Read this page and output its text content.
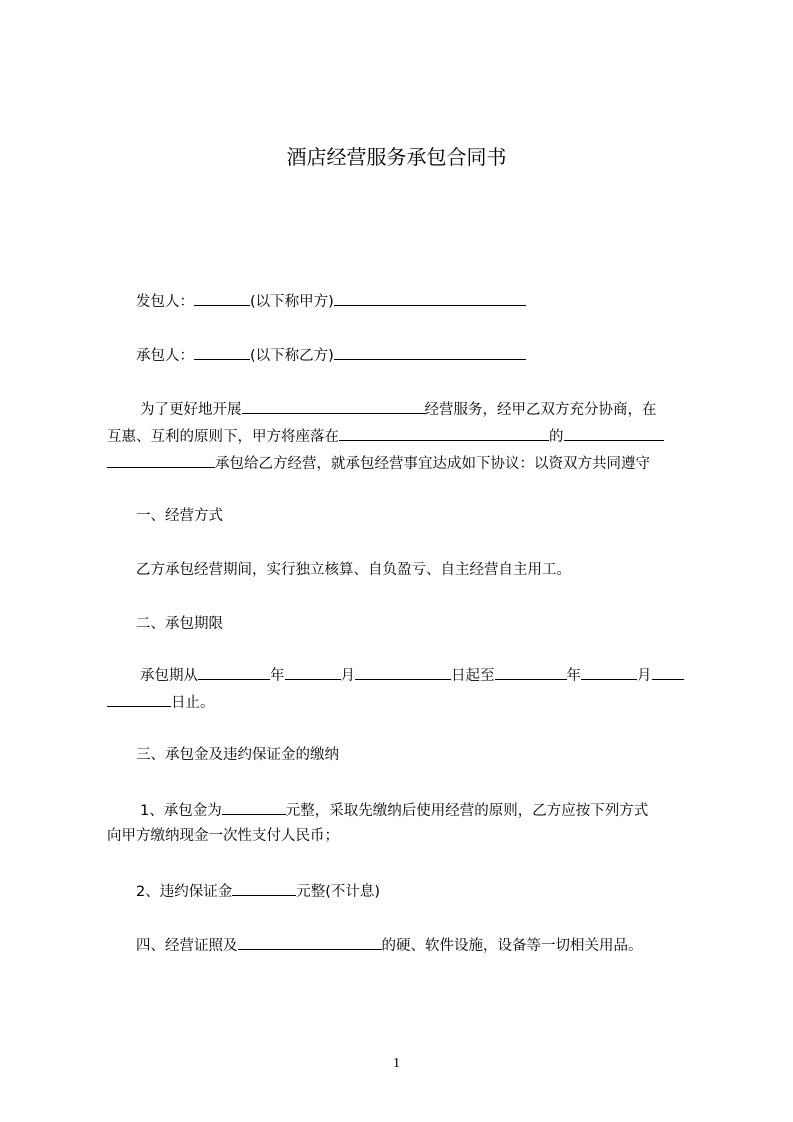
酒店经营服务承包合同书
发包人：	(以下称甲方)
承包人：	(以下称乙方)
为了更好地开展	经营服务，经甲乙双方充分协商，在
互惠、互利的原则下，甲方将座落在	的
承包给乙方经营，就承包经营事宜达成如下协议：以资双方共同遵守
一、经营方式
乙方承包经营期间，实行独立核算、自负盈亏、自主经营自主用工。
二、承包期限
承包期从	年	月	日起至	年	月
日止。
三、承包金及违约保证金的缴纳
1、承包金为	元整，采取先缴纳后使用经营的原则，乙方应按下列方式
向甲方缴纳现金一次性支付人民币；
2、违约保证金	元整(不计息)
四、经营证照及	的硬、软件设施，设备等一切相关用品。
1
